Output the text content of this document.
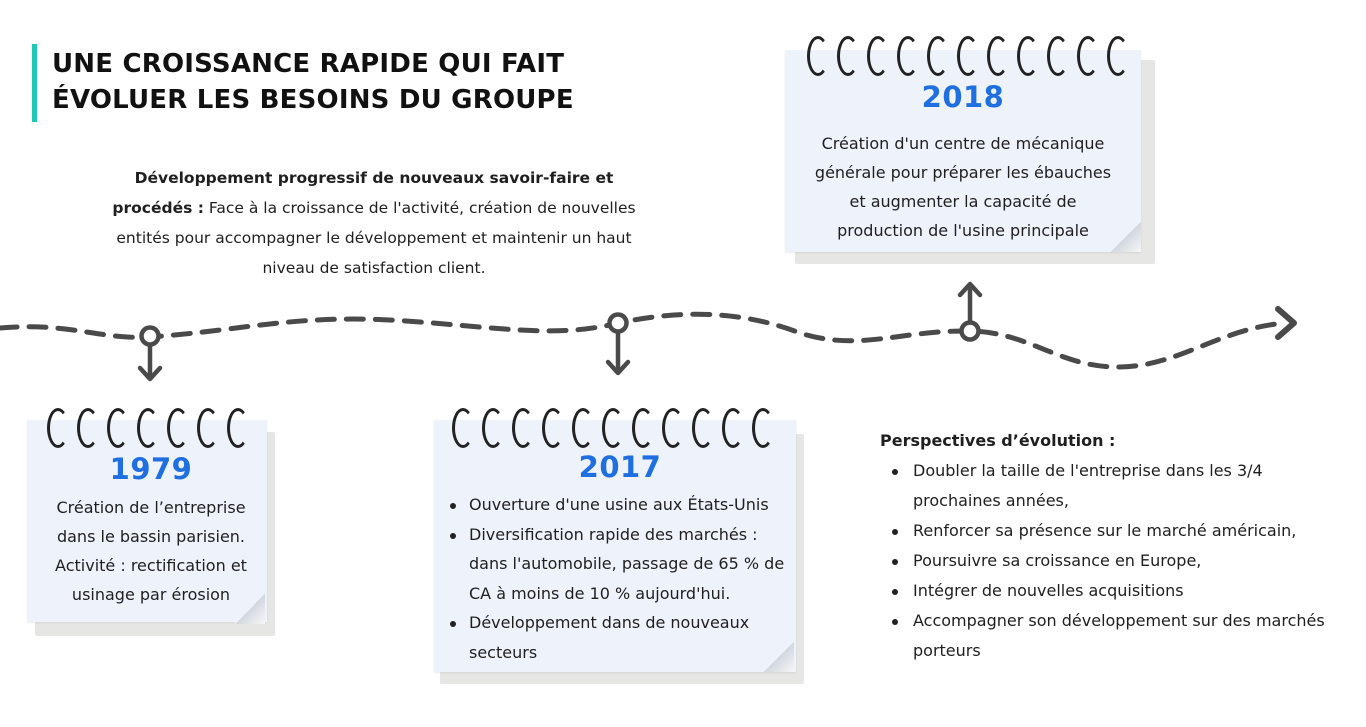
UNE CROISSANCE RAPIDE QUI FAIT
ÉVOLUER LES BESOINS DU GROUPE

Développement progressif de nouveaux savoir-faire et procédés : Face à la croissance de l'activité, création de nouvelles entités pour accompagner le développement et maintenir un haut niveau de satisfaction client.

2018
Création d'un centre de mécanique
générale pour préparer les ébauches
et augmenter la capacité de
production de l'usine principale
1979
Création de l’entreprise
dans le bassin parisien.
Activité : rectification et
usinage par érosion
2017
Ouverture d'une usine aux États-Unis
Diversification rapide des marchés : dans l'automobile, passage de 65 % de CA à moins de 10 % aujourd'hui.
Développement dans de nouveaux secteurs
Perspectives d’évolution :
Doubler la taille de l'entreprise dans les 3/4 prochaines années,
Renforcer sa présence sur le marché américain,
Poursuivre sa croissance en Europe,
Intégrer de nouvelles acquisitions
Accompagner son développement sur des marchés porteurs
